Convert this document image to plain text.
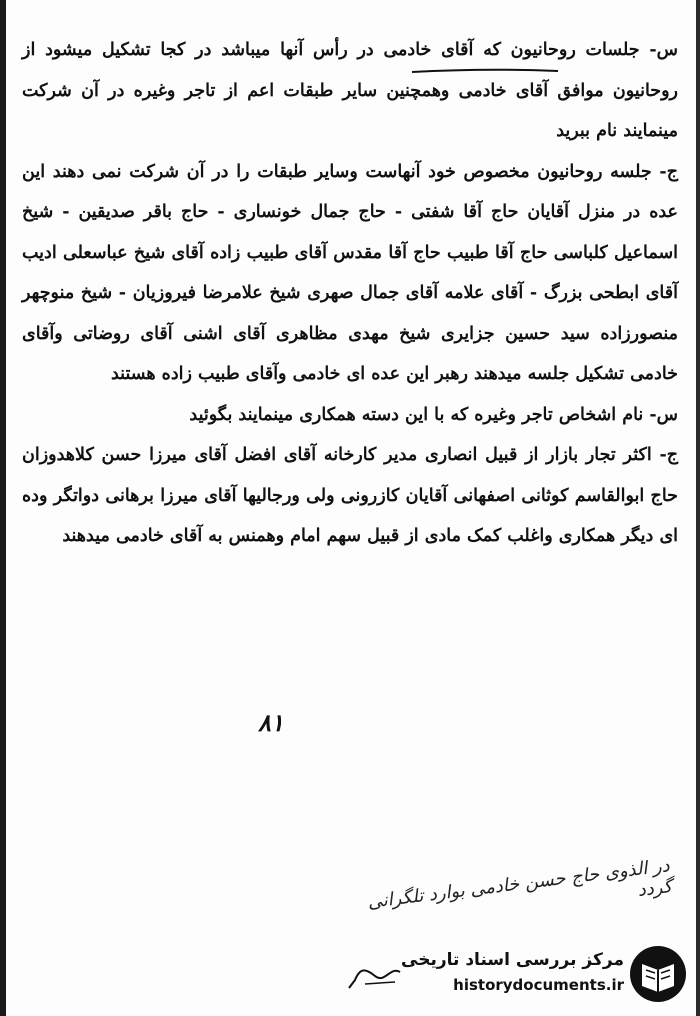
س- جلسات روحانیون که آقای خادمی در رأس آنها میباشد در کجا تشکیل میشود از روحانیون موافق آقای خادمی وهمچنین سایر طبقات اعم از تاجر وغیره در آن شرکت مینمایند نام ببرید

ج- جلسه روحانیون مخصوص خود آنهاست وسایر طبقات را در آن شرکت نمی دهند این عده در منزل آقایان حاج آقا شفتی - حاج جمال خونساری - حاج باقر صدیقین - شیخ اسماعیل کلباسی حاج آقا طبیب حاج آقا مقدس آقای طبیب زاده آقای شیخ عباسعلی ادیب آقای ابطحی بزرگ - آقای علامه آقای جمال صهری شیخ علامرضا فیروزیان - شیخ منوچهر منصورزاده سید حسین جزایری شیخ مهدی مظاهری آقای اشنی آقای روضاتی وآقای خادمی تشکیل جلسه میدهند رهبر این عده ای خادمی وآقای طبیب زاده هستند

س- نام اشخاص تاجر وغیره که با این دسته همکاری مینمایند بگوئید

ج- اکثر تجار بازار از قبیل انصاری مدیر کارخانه آقای افضل آقای میرزا حسن کلاهدوزان حاج ابوالقاسم کوثانی اصفهانی آقایان کازرونی ولی ورجالیها آقای میرزا برهانی دواتگر وده ای دیگر همکاری واغلب کمک مادی از قبیل سهم امام وهمنس به آقای خادمی میدهند

۸۱
در الذوی حاج حسن خادمی بوارد تلگرانی گردد
مرکز بررسی اسناد تاریخی
historydocuments.ir
